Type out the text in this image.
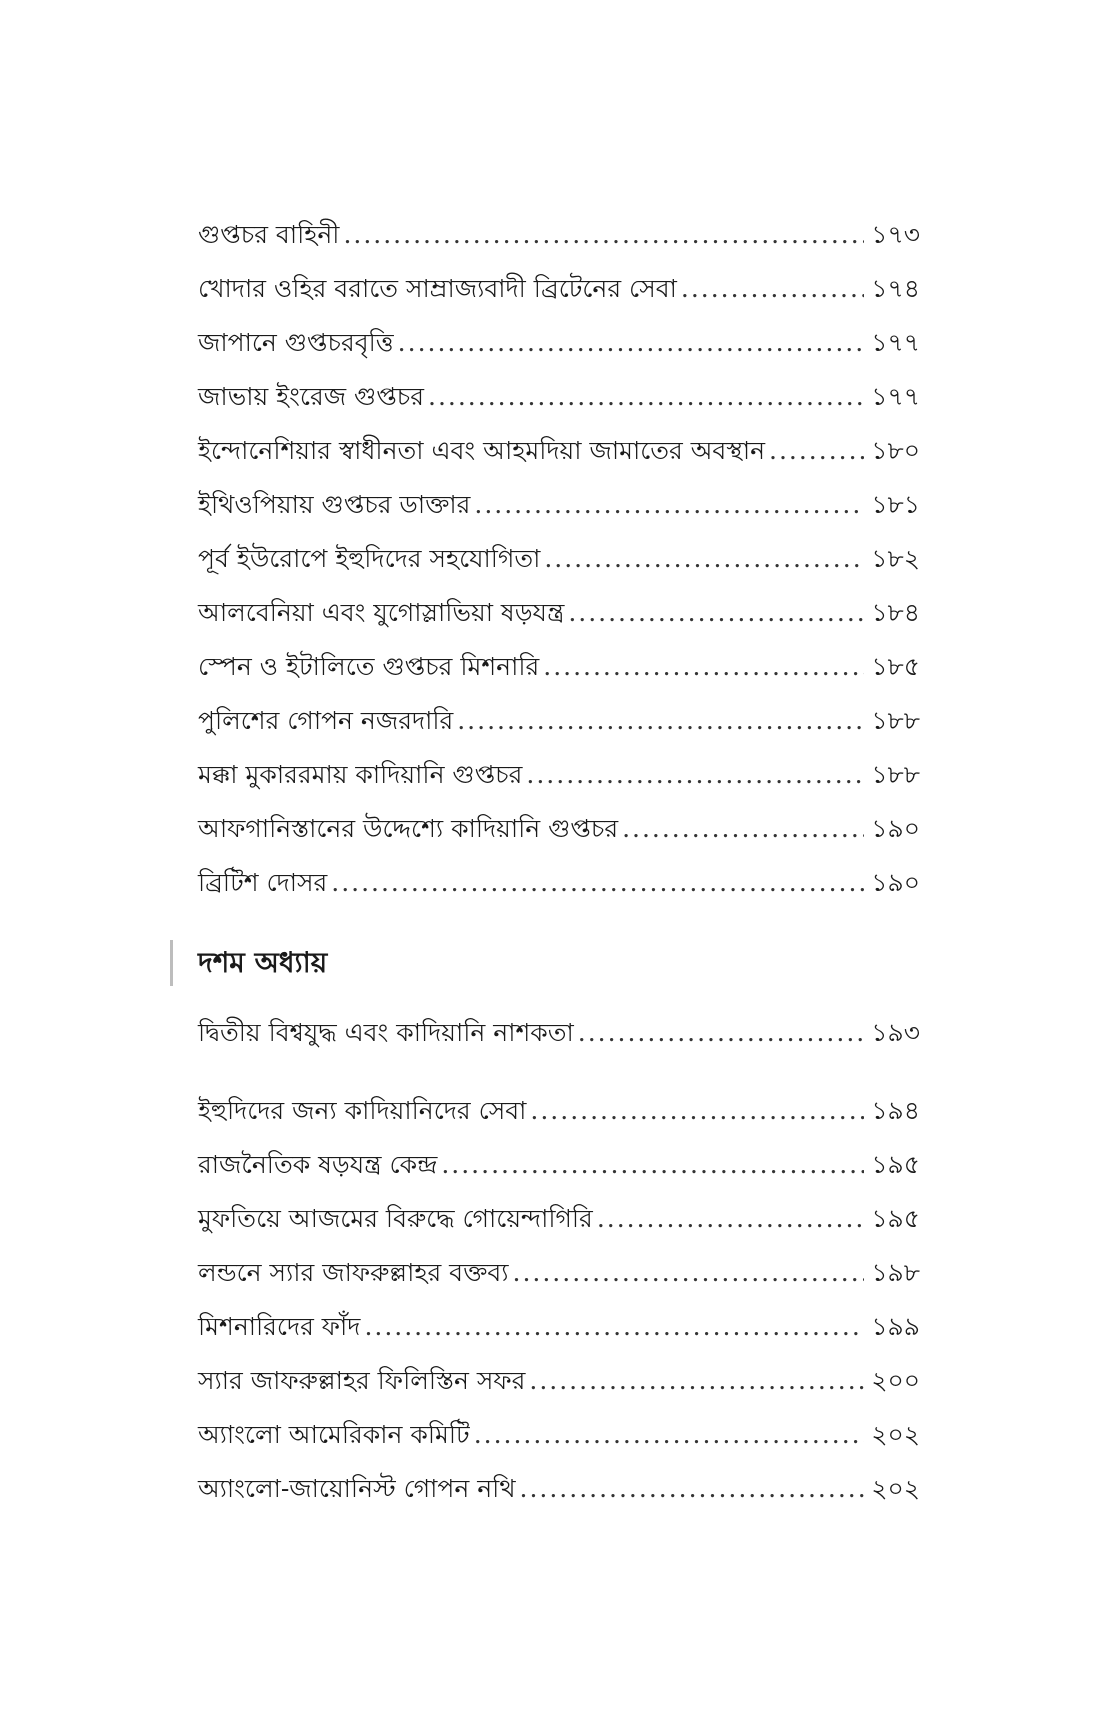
গুপ্তচর বাহিনী .....	১৭৩
খোদার ওহির বরাতে সাম্রাজ্যবাদী ব্রিটেনের সেবা .....	১৭৪
জাপানে গুপ্তচরবৃত্তি .....	১৭৭
জাভায় ইংরেজ গুপ্তচর .....	১৭৭
ইন্দোনেশিয়ার স্বাধীনতা এবং আহমদিয়া জামাতের অবস্থান .....	১৮০
ইথিওপিয়ায় গুপ্তচর ডাক্তার .....	১৮১
পূর্ব ইউরোপে ইহুদিদের সহযোগিতা .....	১৮২
আলবেনিয়া এবং যুগোস্লাভিয়া ষড়যন্ত্র .....	১৮৪
স্পেন ও ইটালিতে গুপ্তচর মিশনারি .....	১৮৫
পুলিশের গোপন নজরদারি .....	১৮৮
মক্কা মুকাররমায় কাদিয়ানি গুপ্তচর .....	১৮৮
আফগানিস্তানের উদ্দেশ্যে কাদিয়ানি গুপ্তচর .....	১৯০
ব্রিটিশ দোসর .....	১৯০
দশম অধ্যায়
দ্বিতীয় বিশ্বযুদ্ধ এবং কাদিয়ানি নাশকতা .....	১৯৩
ইহুদিদের জন্য কাদিয়ানিদের সেবা .....	১৯৪
রাজনৈতিক ষড়যন্ত্র কেন্দ্র .....	১৯৫
মুফতিয়ে আজমের বিরুদ্ধে গোয়েন্দাগিরি .....	১৯৫
লন্ডনে স্যার জাফরুল্লাহর বক্তব্য .....	১৯৮
মিশনারিদের ফাঁদ .....	১৯৯
স্যার জাফরুল্লাহর ফিলিস্তিন সফর .....	২০০
অ্যাংলো আমেরিকান কমিটি .....	২০২
অ্যাংলো-জায়োনিস্ট গোপন নথি .....	২০২
